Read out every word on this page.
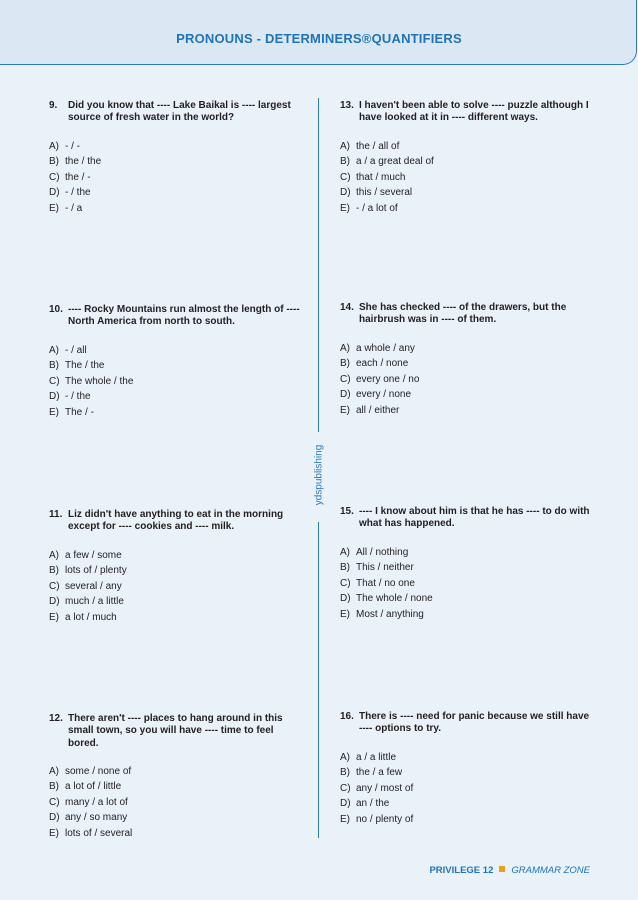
PRONOUNS - DETERMINERS®QUANTIFIERS
ydspublishing
9. Did you know that ---- Lake Baikal is ---- largest source of fresh water in the world?
A) - / -
B) the / the
C) the / -
D) - / the
E) - / a
10. ---- Rocky Mountains run almost the length of ---- North America from north to south.
A) - / all
B) The / the
C) The whole / the
D) - / the
E) The / -
11. Liz didn't have anything to eat in the morning except for ---- cookies and ---- milk.
A) a few / some
B) lots of / plenty
C) several / any
D) much / a little
E) a lot / much
12. There aren't ---- places to hang around in this small town, so you will have ---- time to feel bored.
A) some / none of
B) a lot of / little
C) many / a lot of
D) any / so many
E) lots of / several
13. I haven't been able to solve ---- puzzle although I have looked at it in ---- different ways.
A) the / all of
B) a / a great deal of
C) that / much
D) this / several
E) - / a lot of
14. She has checked ---- of the drawers, but the hairbrush was in ---- of them.
A) a whole / any
B) each / none
C) every one / no
D) every / none
E) all / either
15. ---- I know about him is that he has ---- to do with what has happened.
A) All / nothing
B) This / neither
C) That / no one
D) The whole / none
E) Most / anything
16. There is ---- need for panic because we still have ---- options to try.
A) a / a little
B) the / a few
C) any / most of
D) an / the
E) no / plenty of
PRIVILEGE 12 GRAMMAR ZONE
